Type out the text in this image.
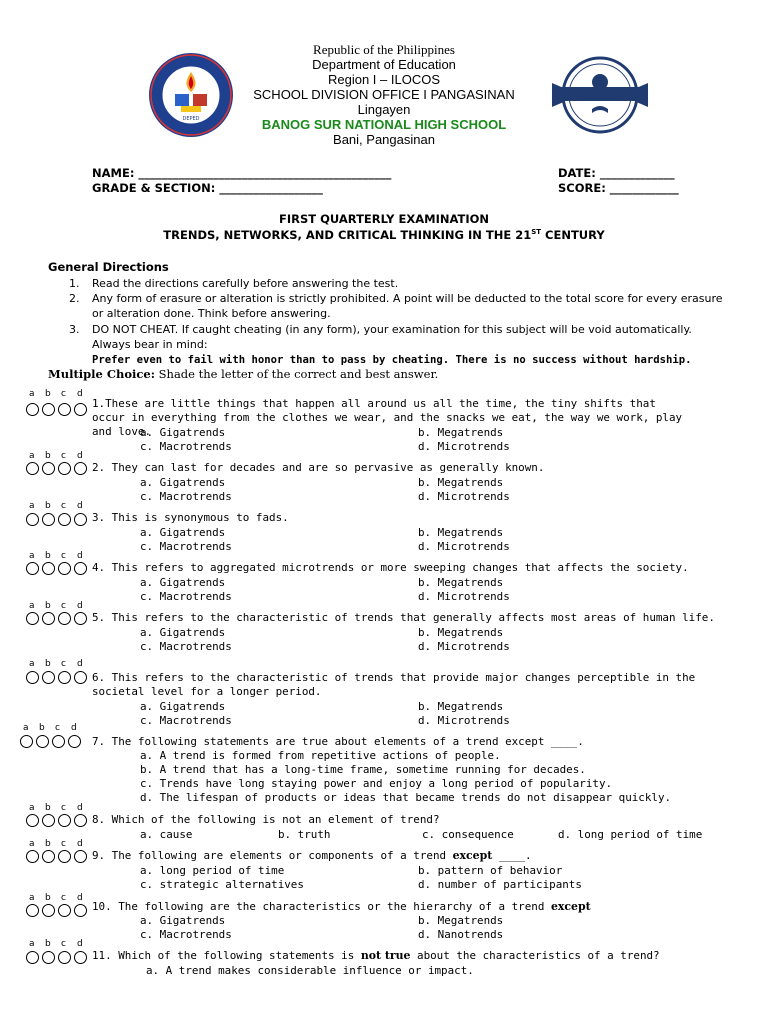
DEPED
Republic of the Philippines
Department of Education
Region I – ILOCOS
SCHOOL DIVISION OFFICE I PANGASINAN
Lingayen
BANOG SUR NATIONAL HIGH SCHOOL
Bani, Pangasinan
NAME: ____________________________________________	DATE: _____________
GRADE & SECTION: __________________	SCORE: ____________
FIRST QUARTERLY EXAMINATION
TRENDS, NETWORKS, AND CRITICAL THINKING IN THE 21ST CENTURY
General Directions
1. Read the directions carefully before answering the test.
2. Any form of erasure or alteration is strictly prohibited. A point will be deducted to the total score for every erasure or alteration done. Think before answering.
3. DO NOT CHEAT. If caught cheating (in any form), your examination for this subject will be void automatically. Always bear in mind:
Prefer even to fail with honor than to pass by cheating. There is no success without hardship.
Multiple Choice: Shade the letter of the correct and best answer.
a b c d
1.These are little things that happen all around us all the time, the tiny shifts that occur in everything from the clothes we wear, and the snacks we eat, the way we work, play and love.
a. Gigatrends	b. Megatrends
c. Macrotrends	d. Microtrends
a b c d
2. They can last for decades and are so pervasive as generally known.
a. Gigatrends	b. Megatrends
c. Macrotrends	d. Microtrends
a b c d
3. This is synonymous to fads.
a. Gigatrends	b. Megatrends
c. Macrotrends	d. Microtrends
a b c d
4. This refers to aggregated microtrends or more sweeping changes that affects the society.
a. Gigatrends	b. Megatrends
c. Macrotrends	d. Microtrends
a b c d
5. This refers to the characteristic of trends that generally affects most areas of human life.
a. Gigatrends	b. Megatrends
c. Macrotrends	d. Microtrends
a b c d
6. This refers to the characteristic of trends that provide major changes perceptible in the societal level for a longer period.
a. Gigatrends	b. Megatrends
c. Macrotrends	d. Microtrends
a b c d
7. The following statements are true about elements of a trend except ____.
a. A trend is formed from repetitive actions of people.
b. A trend that has a long-time frame, sometime running for decades.
c. Trends have long staying power and enjoy a long period of popularity.
d. The lifespan of products or ideas that became trends do not disappear quickly.
a b c d
8. Which of the following is not an element of trend?
a. cause	b. truth	c. consequence	d. long period of time
a b c d
9. The following are elements or components of a trend except ____.
a. long period of time	b. pattern of behavior
c. strategic alternatives	d. number of participants
a b c d
10. The following are the characteristics or the hierarchy of a trend except
a. Gigatrends	b. Megatrends
c. Macrotrends	d. Nanotrends
a b c d
11. Which of the following statements is not true about the characteristics of a trend?
a. A trend makes considerable influence or impact.
